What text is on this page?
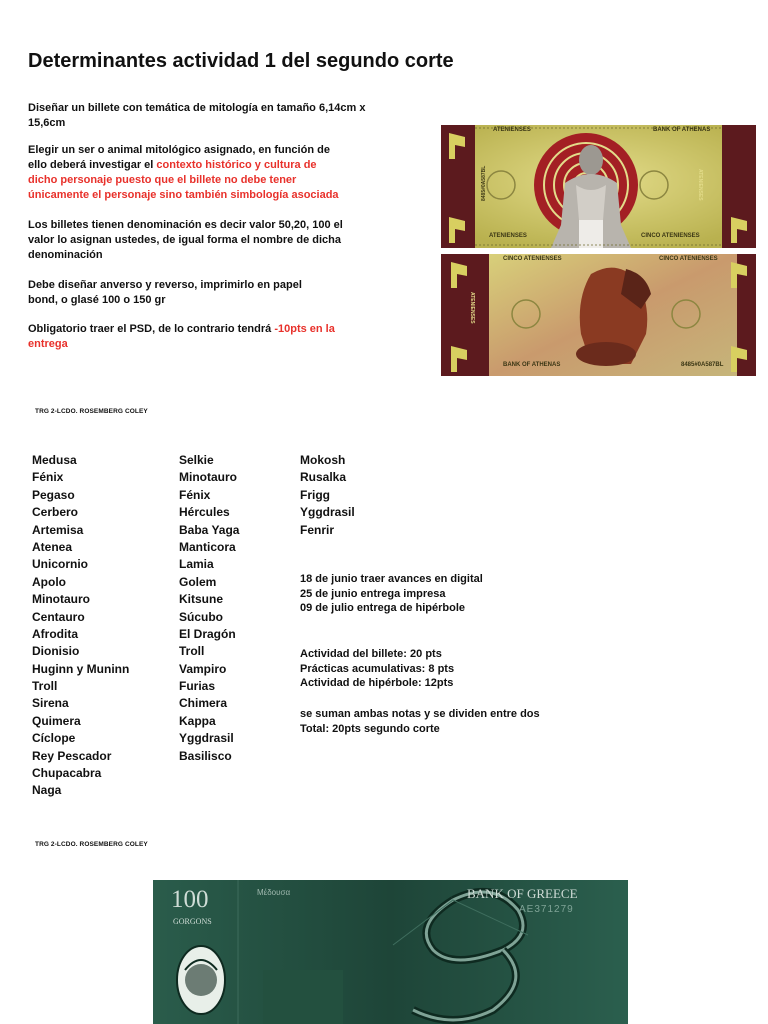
Determinantes actividad 1 del segundo corte
Diseñar un billete con temática de mitología en tamaño 6,14cm x 15,6cm
Elegir un ser o animal mitológico asignado, en función de ello deberá investigar el contexto histórico y cultura de dicho personaje puesto que el billete no debe tener únicamente el personaje sino también simbología asociada
Los billetes tienen denominación es decir valor 50,20, 100 el valor lo asignan ustedes, de igual forma el nombre de dicha denominación
Debe diseñar anverso y reverso, imprimirlo en papel bond, o glasé 100 o 150 gr
Obligatorio traer el PSD, de lo contrario tendrá -10pts en la entrega
TRG 2-LCDO. ROSEMBERG COLEY
TRG 2-LCDO. ROSEMBERG COLEY
Medusa
Fénix
Pegaso
Cerbero
Artemisa
Atenea
Unicornio
Apolo
Minotauro
Centauro
Afrodita
Dionisio
Huginn y Muninn
Troll
Sirena
Quimera
Cíclope
Rey Pescador
Chupacabra
Naga
Selkie
Minotauro
Fénix
Hércules
Baba Yaga
Manticora
Lamia
Golem
Kitsune
Súcubo
El Dragón
Troll
Vampiro
Furias
Chimera
Kappa
Yggdrasil
Basilisco
Mokosh
Rusalka
Frigg
Yggdrasil
Fenrir
18 de junio traer avances en digital
25 de junio entrega impresa
09 de julio entrega de hipérbole
Actividad del billete: 20 pts
Prácticas acumulativas: 8 pts
Actividad de hipérbole: 12pts
se suman ambas notas y se dividen entre dos
Total: 20pts segundo corte
ATENIENSES	BANK OF ATHENAS
ATENIENSES
ATENIENSES	CINCO ATENIENSES
8485#0A587BL
CINCO ATENIENSES	CINCO ATENIENSES
ATENIENSES
BANK OF ATHENAS	8485#0A587BL
100
GORGONS
Μέδουσα	BANK OF GREECE
AE371279
